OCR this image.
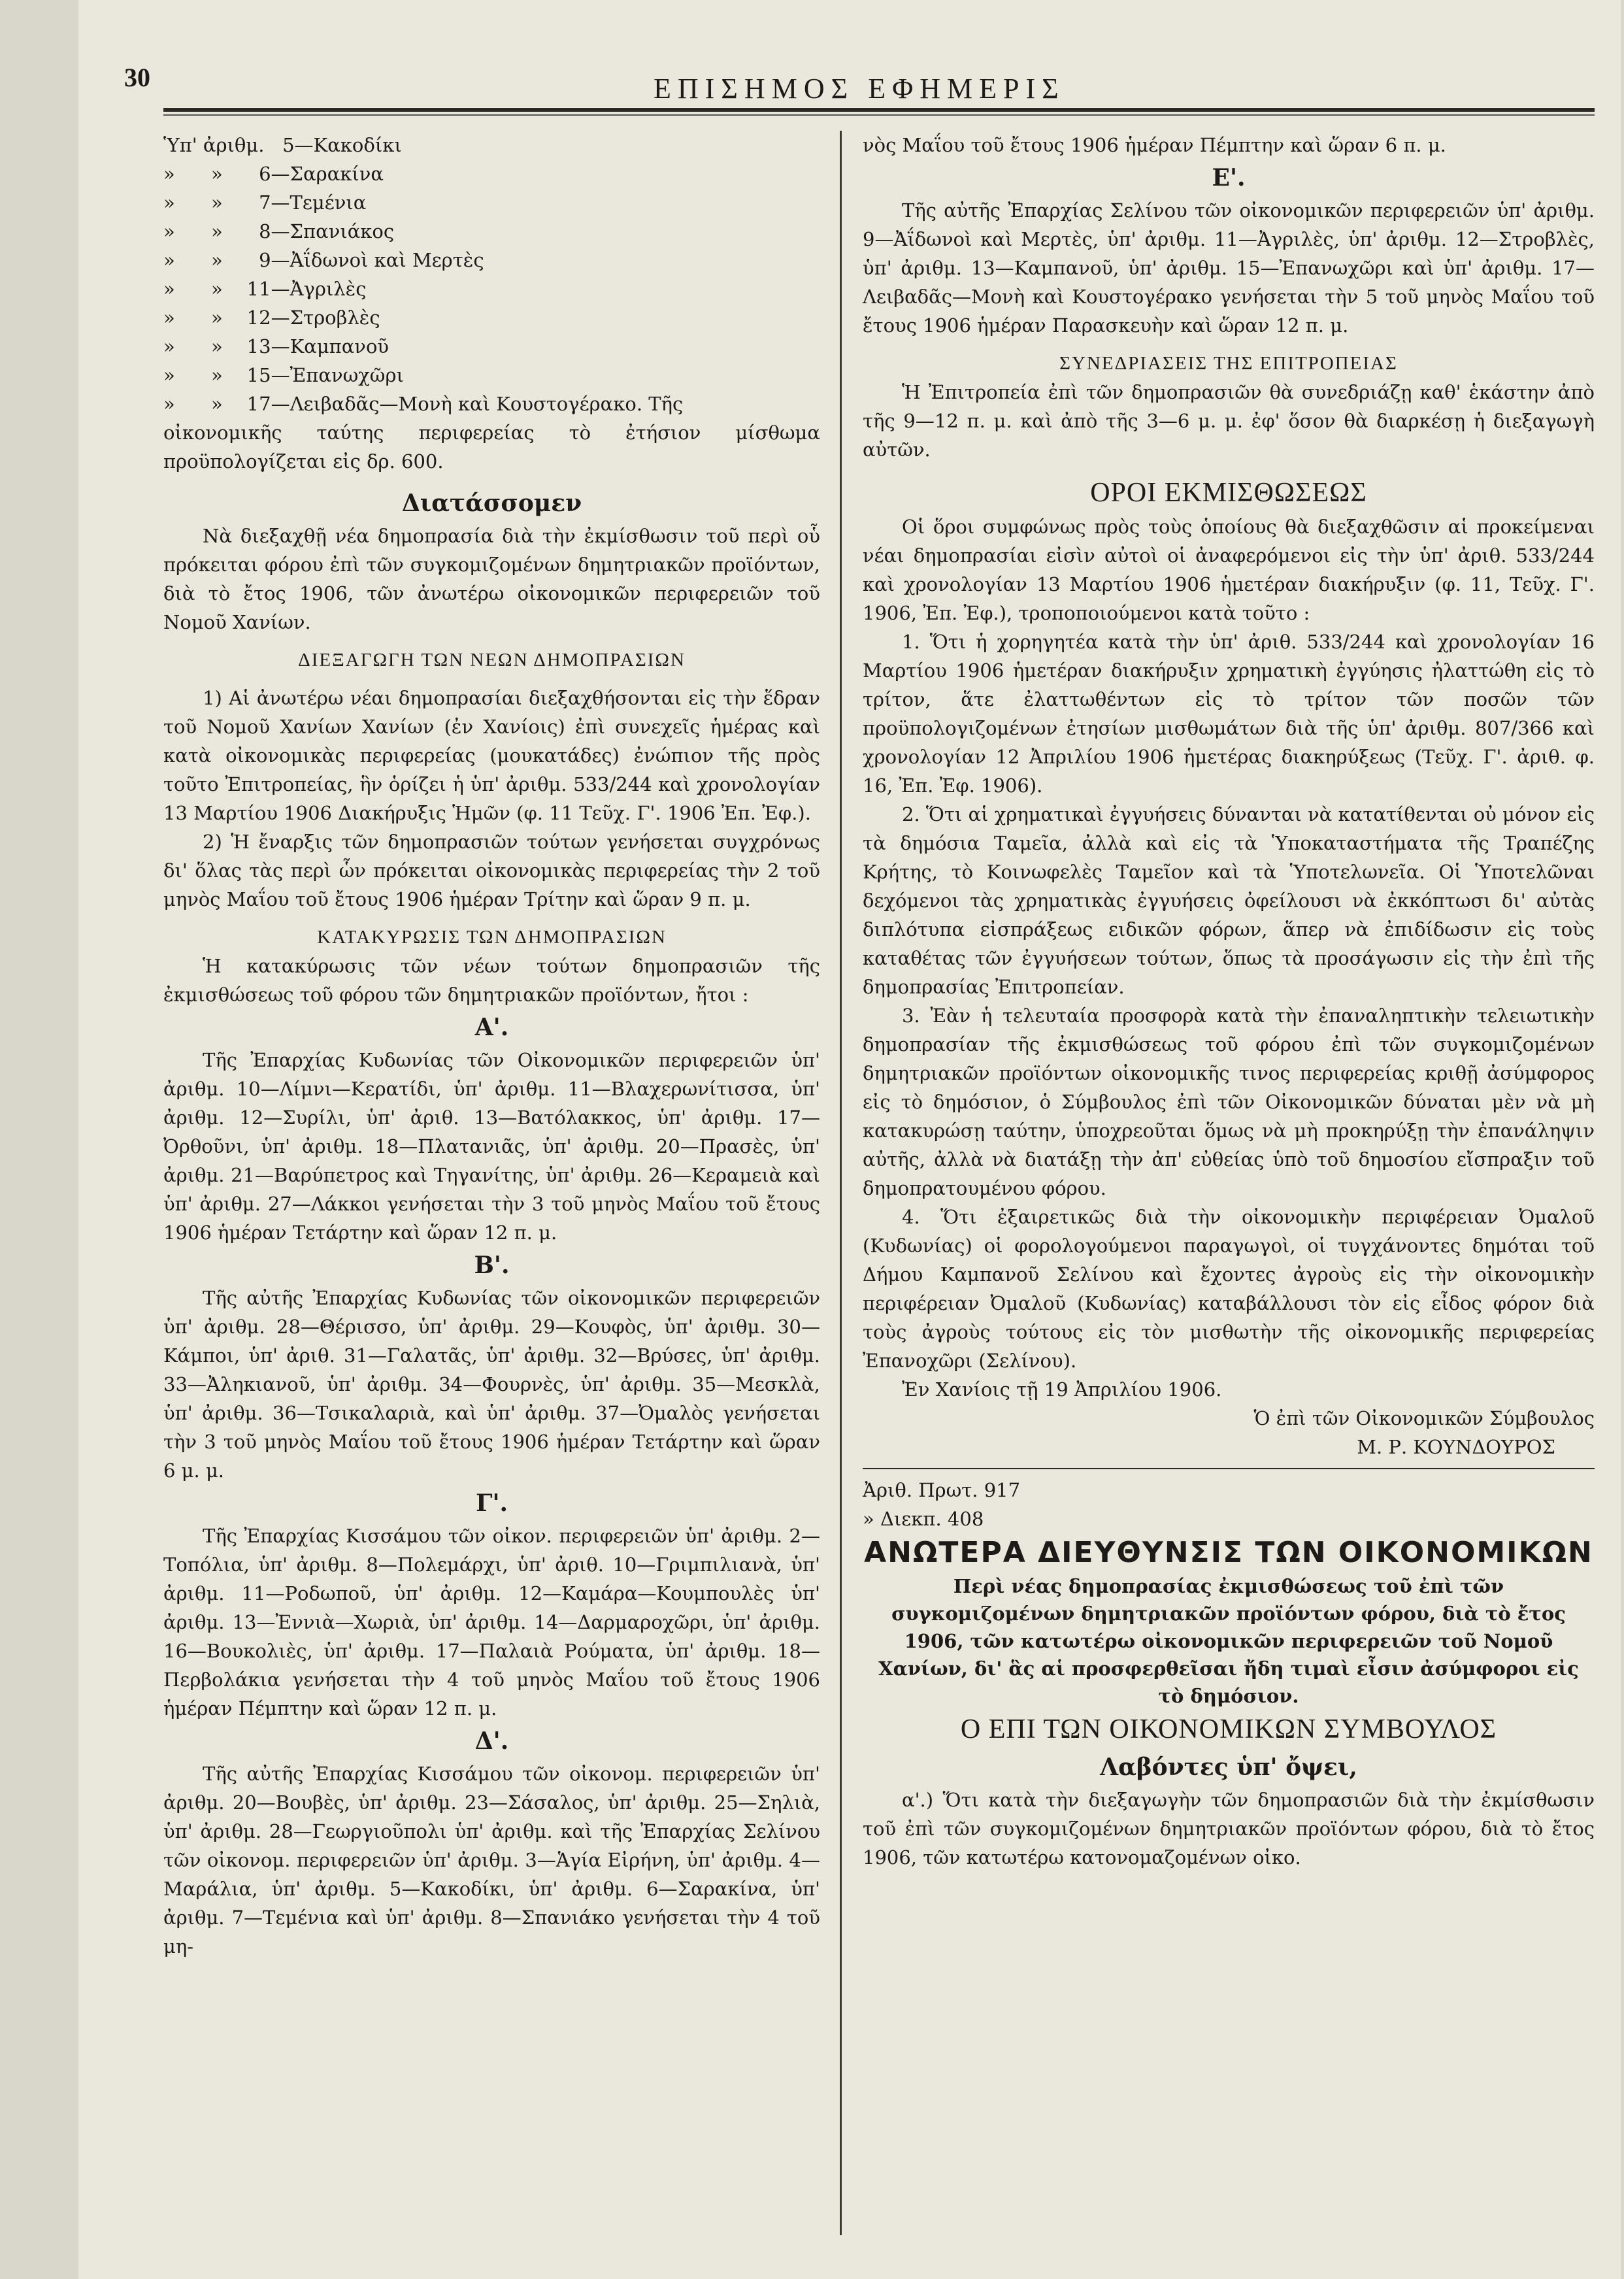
30	ΕΠΙΣΗΜΟΣ ΕΦΗΜΕΡΙΣ

Ὑπ' ἀριθμ.   5—Κακοδίκι

»      »      6—Σαρακίνα

»      »      7—Τεμένια

»      »      8—Σπανιάκος

»      »      9—Ἀΐδωνοὶ καὶ Μερτὲς

»      »    11—Ἀγριλὲς

»      »    12—Στροβλὲς

»      »    13—Καμπανοῦ

»      »    15—Ἐπανωχῶρι

»      »    17—Λειβαδᾶς—Μονὴ καὶ Κουστογέρακο. Τῆς

οἰκονομικῆς ταύτης περιφερείας τὸ ἐτήσιον μίσθωμα προϋπολογίζεται εἰς δρ. 600.

Διατάσσομεν

Νὰ διεξαχθῇ νέα δημοπρασία διὰ τὴν ἐκμίσθωσιν τοῦ περὶ οὗ πρόκειται φόρου ἐπὶ τῶν συγκομιζομένων δημητριακῶν προϊόντων, διὰ τὸ ἔτος 1906, τῶν ἀνωτέρω οἰκονομικῶν περιφερειῶν τοῦ Νομοῦ Χανίων.

ΔΙΕΞΑΓΩΓΗ ΤΩΝ ΝΕΩΝ ΔΗΜΟΠΡΑΣΙΩΝ

1) Αἱ ἀνωτέρω νέαι δημοπρασίαι διεξαχθήσονται εἰς τὴν ἕδραν τοῦ Νομοῦ Χανίων Χανίων (ἐν Χανίοις) ἐπὶ συνεχεῖς ἡμέρας καὶ κατὰ οἰκονομικὰς περιφερείας (μουκατάδες) ἐνώπιον τῆς πρὸς τοῦτο Ἐπιτροπείας, ἣν ὁρίζει ἡ ὑπ' ἀριθμ. 533/244 καὶ χρονολογίαν 13 Μαρτίου 1906 Διακήρυξις Ἡμῶν (φ. 11 Τεῦχ. Γ'. 1906 Ἐπ. Ἐφ.).

2) Ἡ ἔναρξις τῶν δημοπρασιῶν τούτων γενήσεται συγχρόνως δι' ὅλας τὰς περὶ ὧν πρόκειται οἰκονομικὰς περιφερείας τὴν 2 τοῦ μηνὸς Μαΐου τοῦ ἔτους 1906 ἡμέραν Τρίτην καὶ ὥραν 9 π. μ.

ΚΑΤΑΚΥΡΩΣΙΣ ΤΩΝ ΔΗΜΟΠΡΑΣΙΩΝ

Ἡ κατακύρωσις τῶν νέων τούτων δημοπρασιῶν τῆς ἐκμισθώσεως τοῦ φόρου τῶν δημητριακῶν προϊόντων, ἤτοι :

Α'.

Τῆς Ἐπαρχίας Κυδωνίας τῶν Οἰκονομικῶν περιφερειῶν ὑπ' ἀριθμ. 10—Λίμνι—Κερατίδι, ὑπ' ἀριθμ. 11—Βλαχερωνίτισσα, ὑπ' ἀριθμ. 12—Συρίλι, ὑπ' ἀριθ. 13—Βατόλακκος, ὑπ' ἀριθμ. 17—Ὀρθοῦνι, ὑπ' ἀριθμ. 18—Πλατανιᾶς, ὑπ' ἀριθμ. 20—Πρασὲς, ὑπ' ἀριθμ. 21—Βαρύπετρος καὶ Τηγανίτης, ὑπ' ἀριθμ. 26—Κεραμειὰ καὶ ὑπ' ἀριθμ. 27—Λάκκοι γενήσεται τὴν 3 τοῦ μηνὸς Μαΐου τοῦ ἔτους 1906 ἡμέραν Τετάρτην καὶ ὥραν 12 π. μ.

Β'.

Τῆς αὐτῆς Ἐπαρχίας Κυδωνίας τῶν οἰκονομικῶν περιφερειῶν ὑπ' ἀριθμ. 28—Θέρισσο, ὑπ' ἀριθμ. 29—Κουφὸς, ὑπ' ἀριθμ. 30—Κάμποι, ὑπ' ἀριθ. 31—Γαλατᾶς, ὑπ' ἀριθμ. 32—Βρύσες, ὑπ' ἀριθμ. 33—Ἀληκιανοῦ, ὑπ' ἀριθμ. 34—Φουρνὲς, ὑπ' ἀριθμ. 35—Μεσκλὰ, ὑπ' ἀριθμ. 36—Τσικαλαριὰ, καὶ ὑπ' ἀριθμ. 37—Ὀμαλὸς γενήσεται τὴν 3 τοῦ μηνὸς Μαΐου τοῦ ἔτους 1906 ἡμέραν Τετάρτην καὶ ὥραν 6 μ. μ.

Γ'.

Τῆς Ἐπαρχίας Κισσάμου τῶν οἰκον. περιφερειῶν ὑπ' ἀριθμ. 2—Τοπόλια, ὑπ' ἀριθμ. 8—Πολεμάρχι, ὑπ' ἀριθ. 10—Γριμπιλιανὰ, ὑπ' ἀριθμ. 11—Ροδωποῦ, ὑπ' ἀριθμ. 12—Καμάρα—Κουμπουλὲς ὑπ' ἀριθμ. 13—Ἐννιὰ—Χωριὰ, ὑπ' ἀριθμ. 14—Δαρμαροχῶρι, ὑπ' ἀριθμ. 16—Βουκολιὲς, ὑπ' ἀριθμ. 17—Παλαιὰ Ρούματα, ὑπ' ἀριθμ. 18—Περβολάκια γενήσεται τὴν 4 τοῦ μηνὸς Μαΐου τοῦ ἔτους 1906 ἡμέραν Πέμπτην καὶ ὥραν 12 π. μ.

Δ'.

Τῆς αὐτῆς Ἐπαρχίας Κισσάμου τῶν οἰκονομ. περιφερειῶν ὑπ' ἀριθμ. 20—Βουβὲς, ὑπ' ἀριθμ. 23—Σάσαλος, ὑπ' ἀριθμ. 25—Σηλιὰ, ὑπ' ἀριθμ. 28—Γεωργιοῦπολι ὑπ' ἀριθμ. καὶ τῆς Ἐπαρχίας Σελίνου τῶν οἰκονομ. περιφερειῶν ὑπ' ἀριθμ. 3—Ἁγία Εἰρήνη, ὑπ' ἀριθμ. 4—Μαράλια, ὑπ' ἀριθμ. 5—Κακοδίκι, ὑπ' ἀριθμ. 6—Σαρακίνα, ὑπ' ἀριθμ. 7—Τεμένια καὶ ὑπ' ἀριθμ. 8—Σπανιάκο γενήσεται τὴν 4 τοῦ μη-

νὸς Μαΐου τοῦ ἔτους 1906 ἡμέραν Πέμπτην καὶ ὥραν 6 π. μ.

Ε'.

Τῆς αὐτῆς Ἐπαρχίας Σελίνου τῶν οἰκονομικῶν περιφερειῶν ὑπ' ἀριθμ. 9—Ἀΐδωνοὶ καὶ Μερτὲς, ὑπ' ἀριθμ. 11—Ἀγριλὲς, ὑπ' ἀριθμ. 12—Στροβλὲς, ὑπ' ἀριθμ. 13—Καμπανοῦ, ὑπ' ἀριθμ. 15—Ἐπανωχῶρι καὶ ὑπ' ἀριθμ. 17—Λειβαδᾶς—Μονὴ καὶ Κουστογέρακο γενήσεται τὴν 5 τοῦ μηνὸς Μαΐου τοῦ ἔτους 1906 ἡμέραν Παρασκευὴν καὶ ὥραν 12 π. μ.

ΣΥΝΕΔΡΙΑΣΕΙΣ ΤΗΣ ΕΠΙΤΡΟΠΕΙΑΣ

Ἡ Ἐπιτροπεία ἐπὶ τῶν δημοπρασιῶν θὰ συνεδριάζῃ καθ' ἑκάστην ἀπὸ τῆς 9—12 π. μ. καὶ ἀπὸ τῆς 3—6 μ. μ. ἐφ' ὅσον θὰ διαρκέσῃ ἡ διεξαγωγὴ αὐτῶν.

ΟΡΟΙ ΕΚΜΙΣΘΩΣΕΩΣ

Οἱ ὅροι συμφώνως πρὸς τοὺς ὁποίους θὰ διεξαχθῶσιν αἱ προκείμεναι νέαι δημοπρασίαι εἰσὶν αὐτοὶ οἱ ἀναφερόμενοι εἰς τὴν ὑπ' ἀριθ. 533/244 καὶ χρονολογίαν 13 Μαρτίου 1906 ἡμετέραν διακήρυξιν (φ. 11, Τεῦχ. Γ'. 1906, Ἐπ. Ἐφ.), τροποποιούμενοι κατὰ τοῦτο :

1. Ὅτι ἡ χορηγητέα κατὰ τὴν ὑπ' ἀριθ. 533/244 καὶ χρονολογίαν 16 Μαρτίου 1906 ἡμετέραν διακήρυξιν χρηματικὴ ἐγγύησις ἠλαττώθη εἰς τὸ τρίτον, ἅτε ἐλαττωθέντων εἰς τὸ τρίτον τῶν ποσῶν τῶν προϋπολογιζομένων ἐτησίων μισθωμάτων διὰ τῆς ὑπ' ἀριθμ. 807/366 καὶ χρονολογίαν 12 Ἀπριλίου 1906 ἡμετέρας διακηρύξεως (Τεῦχ. Γ'. ἀριθ. φ. 16, Ἐπ. Ἐφ. 1906).

2. Ὅτι αἱ χρηματικαὶ ἐγγυήσεις δύνανται νὰ κατατίθενται οὐ μόνον εἰς τὰ δημόσια Ταμεῖα, ἀλλὰ καὶ εἰς τὰ Ὑποκαταστήματα τῆς Τραπέζης Κρήτης, τὸ Κοινωφελὲς Ταμεῖον καὶ τὰ Ὑποτελωνεῖα. Οἱ Ὑποτελῶναι δεχόμενοι τὰς χρηματικὰς ἐγγυήσεις ὀφείλουσι νὰ ἐκκόπτωσι δι' αὐτὰς διπλότυπα εἰσπράξεως ειδικῶν φόρων, ἅπερ νὰ ἐπιδίδωσιν εἰς τοὺς καταθέτας τῶν ἐγγυήσεων τούτων, ὅπως τὰ προσάγωσιν εἰς τὴν ἐπὶ τῆς δημοπρασίας Ἐπιτροπείαν.

3. Ἐὰν ἡ τελευταία προσφορὰ κατὰ τὴν ἐπαναληπτικὴν τελειωτικὴν δημοπρασίαν τῆς ἐκμισθώσεως τοῦ φόρου ἐπὶ τῶν συγκομιζομένων δημητριακῶν προϊόντων οἰκονομικῆς τινος περιφερείας κριθῇ ἀσύμφορος εἰς τὸ δημόσιον, ὁ Σύμβουλος ἐπὶ τῶν Οἰκονομικῶν δύναται μὲν νὰ μὴ κατακυρώσῃ ταύτην, ὑποχρεοῦται ὅμως νὰ μὴ προκηρύξῃ τὴν ἐπανάληψιν αὐτῆς, ἀλλὰ νὰ διατάξῃ τὴν ἀπ' εὐθείας ὑπὸ τοῦ δημοσίου εἴσπραξιν τοῦ δημοπρατουμένου φόρου.

4. Ὅτι ἐξαιρετικῶς διὰ τὴν οἰκονομικὴν περιφέρειαν Ὀμαλοῦ (Κυδωνίας) οἱ φορολογούμενοι παραγωγοὶ, οἱ τυγχάνοντες δημόται τοῦ Δήμου Καμπανοῦ Σελίνου καὶ ἔχοντες ἀγροὺς εἰς τὴν οἰκονομικὴν περιφέρειαν Ὀμαλοῦ (Κυδωνίας) καταβάλλουσι τὸν εἰς εἶδος φόρον διὰ τοὺς ἀγροὺς τούτους εἰς τὸν μισθωτὴν τῆς οἰκονομικῆς περιφερείας Ἐπανοχῶρι (Σελίνου).

Ἐν Χανίοις τῇ 19 Ἀπριλίου 1906.

Ὁ ἐπὶ τῶν Οἰκονομικῶν Σύμβουλος

Μ. Ρ. ΚΟΥΝΔΟΥΡΟΣ

Ἀριθ. Πρωτ. 917

» Διεκπ. 408

ΑΝΩΤΕΡΑ ΔΙΕΥΘΥΝΣΙΣ ΤΩΝ ΟΙΚΟΝΟΜΙΚΩΝ

Περὶ νέας δημοπρασίας ἐκμισθώσεως τοῦ ἐπὶ τῶν συγκομιζομένων δημητριακῶν προϊόντων φόρου, διὰ τὸ ἔτος 1906, τῶν κατωτέρω οἰκονομικῶν περιφερειῶν τοῦ Νομοῦ Χανίων, δι' ἃς αἱ προσφερθεῖσαι ἤδη τιμαὶ εἶσιν ἀσύμφοροι εἰς τὸ δημόσιον.

Ο ΕΠΙ ΤΩΝ ΟΙΚΟΝΟΜΙΚΩΝ ΣΥΜΒΟΥΛΟΣ

Λαβόντες ὑπ' ὄψει,

α'.) Ὅτι κατὰ τὴν διεξαγωγὴν τῶν δημοπρασιῶν διὰ τὴν ἐκμίσθωσιν τοῦ ἐπὶ τῶν συγκομιζομένων δημητριακῶν προϊόντων φόρου, διὰ τὸ ἔτος 1906, τῶν κατωτέρω κατονομαζομένων οἰκο.
